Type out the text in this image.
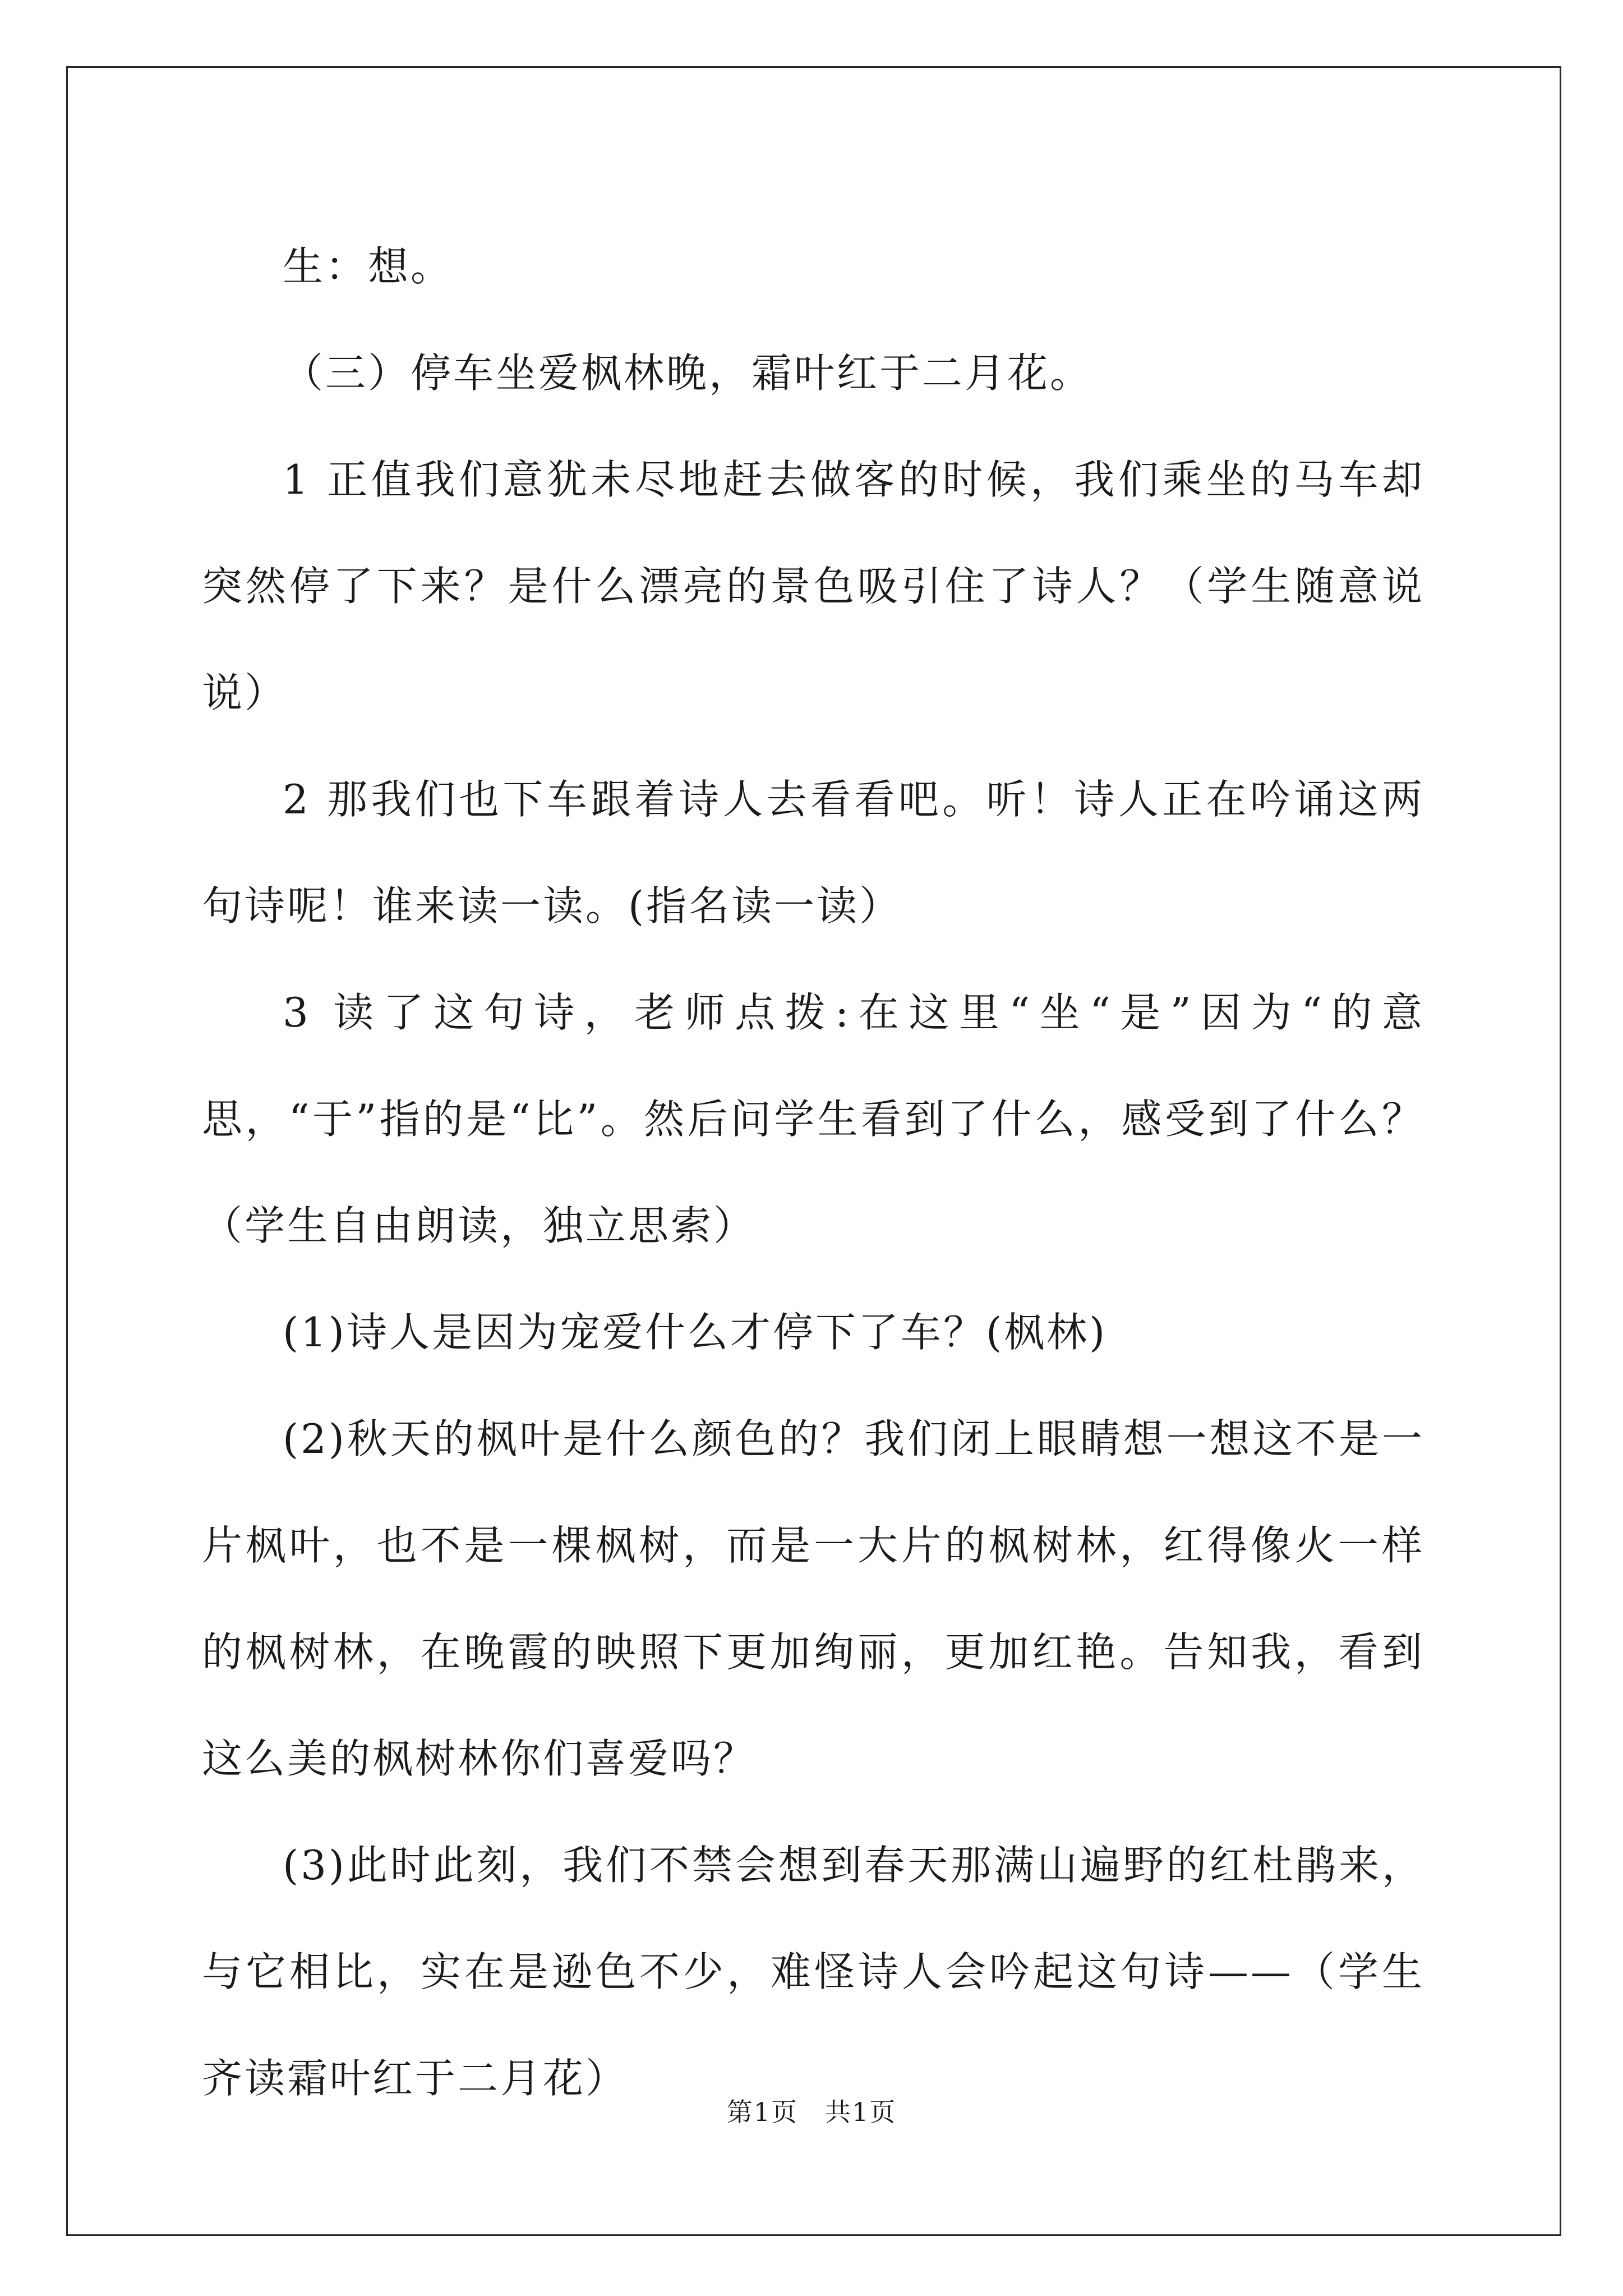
生：想。

（三）停车坐爱枫林晚，霜叶红于二月花。

1 正值我们意犹未尽地赶去做客的时候，我们乘坐的马车却突然停了下来？是什么漂亮的景色吸引住了诗人？（学生随意说说）

2 那我们也下车跟着诗人去看看吧。听！诗人正在吟诵这两句诗呢！谁来读一读。(指名读一读）

3 读了这句诗，老师点拨:在这里“坐“是”因为“的意思，“于”指的是“比”。然后问学生看到了什么，感受到了什么？（学生自由朗读，独立思索）

(1)诗人是因为宠爱什么才停下了车？(枫林)

(2)秋天的枫叶是什么颜色的？我们闭上眼睛想一想这不是一片枫叶，也不是一棵枫树，而是一大片的枫树林，红得像火一样的枫树林，在晚霞的映照下更加绚丽，更加红艳。告知我，看到这么美的枫树林你们喜爱吗？

(3)此时此刻，我们不禁会想到春天那满山遍野的红杜鹃来，与它相比，实在是逊色不少，难怪诗人会吟起这句诗——（学生齐读霜叶红于二月花）

第1页 共1页
